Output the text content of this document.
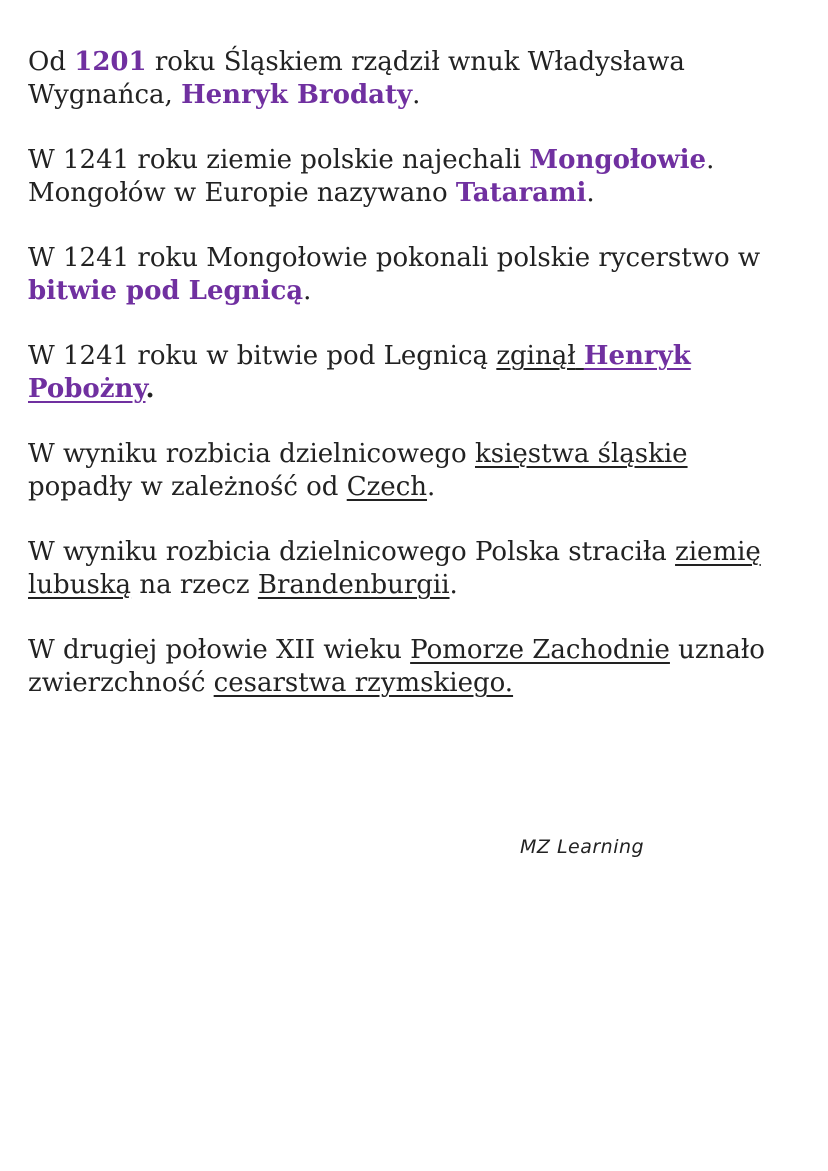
Od 1201 roku Śląskiem rządził wnuk Władysława Wygnańca, Henryk Brodaty.

W 1241 roku ziemie polskie najechali Mongołowie. Mongołów w Europie nazywano Tatarami.

W 1241 roku Mongołowie pokonali polskie rycerstwo w bitwie pod Legnicą.

W 1241 roku w bitwie pod Legnicą zginął Henryk Pobożny.

W wyniku rozbicia dzielnicowego księstwa śląskie popadły w zależność od Czech.

W wyniku rozbicia dzielnicowego Polska straciła ziemię lubuską na rzecz Brandenburgii.

W drugiej połowie XII wieku Pomorze Zachodnie uznało zwierzchność cesarstwa rzymskiego.

MZ Learning
